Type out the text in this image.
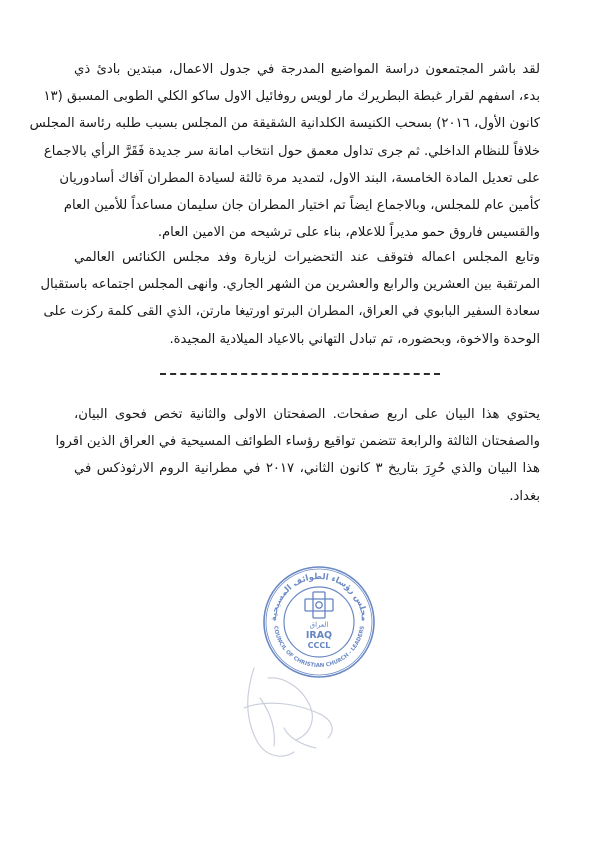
لقد باشر المجتمعون دراسة المواضيع المدرجة في جدول الاعمال، مبتدين بادئ ذي
بدء، اسفهم لقرار غبطة البطريرك مار لويس روفائيل الاول ساكو الكلي الطوبى المسبق (١٣
كانون الأول، ٢٠١٦) بسحب الكنيسة الكلدانية الشقيقة من المجلس بسبب طلبه رئاسة المجلس
خلافاً للنظام الداخلي. ثم جرى تداول معمق حول انتخاب امانة سر جديدة فَقَرَّ الرأي بالاجماع
على تعديل المادة الخامسة، البند الاول، لتمديد مرة ثالثة لسيادة المطران آفاك أسادوريان
كأمين عام للمجلس، وبالاجماع ايضاً تم اختيار المطران جان سليمان مساعداً للأمين العام
والقسيس فاروق حمو مديراً للاعلام، بناء على ترشيحه من الامين العام.

وتابع المجلس اعماله فتوقف عند التحضيرات لزيارة وفد مجلس الكنائس العالمي
المرتقبة بين العشرين والرابع والعشرين من الشهر الجاري. وانهى المجلس اجتماعه باستقبال
سعادة السفير البابوي في العراق، المطران البرتو اورتيغا مارتن، الذي القى كلمة ركزت على
الوحدة والاخوة، وبحضوره، تم تبادل التهاني بالاعياد الميلادية المجيدة.

يحتوي هذا البيان على اربع صفحات. الصفحتان الاولى والثانية تخص فحوى البيان،
والصفحتان الثالثة والرابعة تتضمن تواقيع رؤساء الطوائف المسيحية في العراق الذين اقروا
هذا البيان والذي حُرِرَ بتاريخ ٣ كانون الثاني، ٢٠١٧ في مطرانية الروم الارثوذكس في
بغداد.

مجلس رؤساء الطوائف المسيحية
COUNCIL OF CHRISTIAN CHURCH - LEADERS
العراق
IRAQ
CCCL
